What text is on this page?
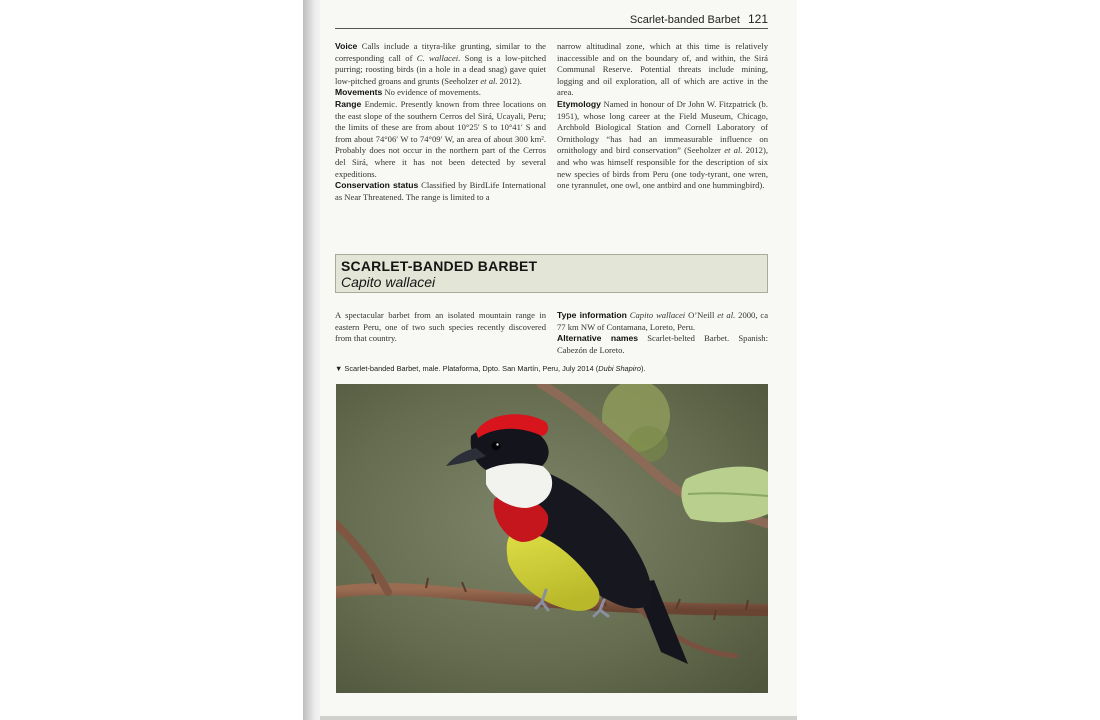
Scarlet-banded Barbet 121

Voice Calls include a tityra-like grunting, similar to the corresponding call of C. wallacei. Song is a low-pitched purring; roosting birds (in a hole in a dead snag) gave quiet low-pitched groans and grunts (Seeholzer et al. 2012).

Movements No evidence of movements.

Range Endemic. Presently known from three locations on the east slope of the southern Cerros del Sirá, Ucayali, Peru; the limits of these are from about 10°25′ S to 10°41′ S and from about 74°06′ W to 74°09′ W, an area of about 300 km². Probably does not occur in the northern part of the Cerros del Sirá, where it has not been detected by several expeditions.

Conservation status Classified by BirdLife International as Near Threatened. The range is limited to a

narrow altitudinal zone, which at this time is relatively inaccessible and on the boundary of, and within, the Sirá Communal Reserve. Potential threats include mining, logging and oil exploration, all of which are active in the area.

Etymology Named in honour of Dr John W. Fitzpatrick (b. 1951), whose long career at the Field Museum, Chicago, Archbold Biological Station and Cornell Laboratory of Ornithology “has had an immeasurable influence on ornithology and bird conservation” (Seeholzer et al. 2012), and who was himself responsible for the description of six new species of birds from Peru (one tody-tyrant, one wren, one tyrannulet, one owl, one antbird and one hummingbird).

SCARLET-BANDED BARBET
Capito wallacei

A spectacular barbet from an isolated mountain range in eastern Peru, one of two such species recently discovered from that country.

Type information Capito wallacei O’Neill et al. 2000, ca 77 km NW of Contamana, Loreto, Peru.

Alternative names Scarlet-belted Barbet. Spanish: Cabezón de Loreto.

▼ Scarlet-banded Barbet, male. Plataforma, Dpto. San Martín, Peru, July 2014 (Dubi Shapiro).
